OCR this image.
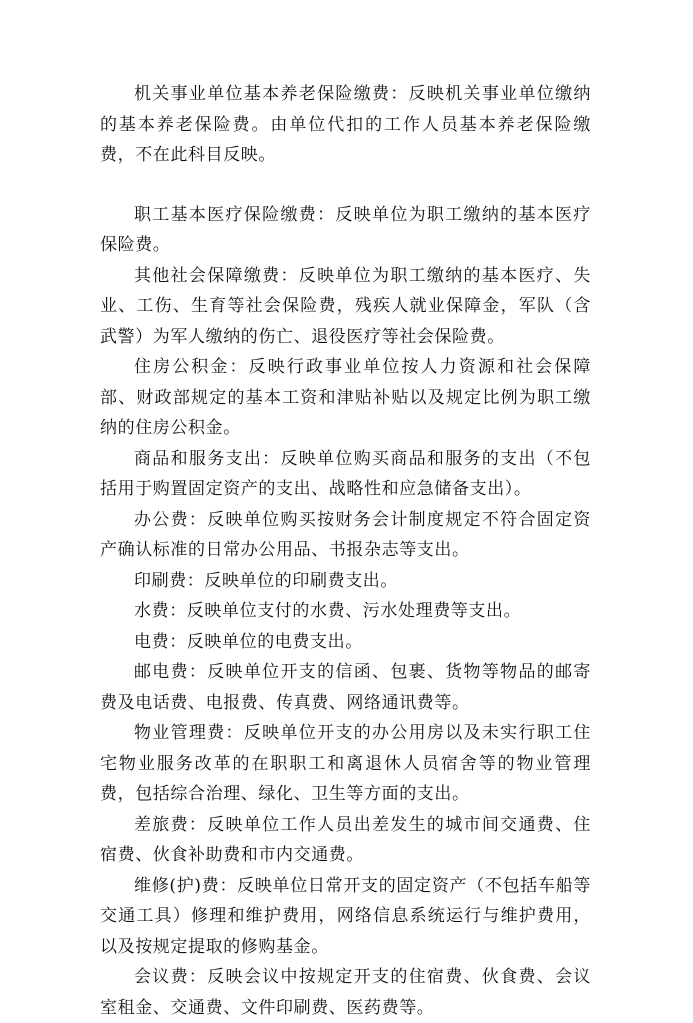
机关事业单位基本养老保险缴费：反映机关事业单位缴纳的基本养老保险费。由单位代扣的工作人员基本养老保险缴费，不在此科目反映。

职工基本医疗保险缴费：反映单位为职工缴纳的基本医疗保险费。

其他社会保障缴费：反映单位为职工缴纳的基本医疗、失业、工伤、生育等社会保险费，残疾人就业保障金，军队（含武警）为军人缴纳的伤亡、退役医疗等社会保险费。

住房公积金：反映行政事业单位按人力资源和社会保障部、财政部规定的基本工资和津贴补贴以及规定比例为职工缴纳的住房公积金。

商品和服务支出：反映单位购买商品和服务的支出（不包括用于购置固定资产的支出、战略性和应急储备支出）。

办公费：反映单位购买按财务会计制度规定不符合固定资产确认标准的日常办公用品、书报杂志等支出。

印刷费：反映单位的印刷费支出。

水费：反映单位支付的水费、污水处理费等支出。

电费：反映单位的电费支出。

邮电费：反映单位开支的信函、包裹、货物等物品的邮寄费及电话费、电报费、传真费、网络通讯费等。

物业管理费：反映单位开支的办公用房以及未实行职工住宅物业服务改革的在职职工和离退休人员宿舍等的物业管理费，包括综合治理、绿化、卫生等方面的支出。

差旅费：反映单位工作人员出差发生的城市间交通费、住宿费、伙食补助费和市内交通费。

维修(护)费：反映单位日常开支的固定资产（不包括车船等交通工具）修理和维护费用，网络信息系统运行与维护费用，以及按规定提取的修购基金。

会议费：反映会议中按规定开支的住宿费、伙食费、会议室租金、交通费、文件印刷费、医药费等。
